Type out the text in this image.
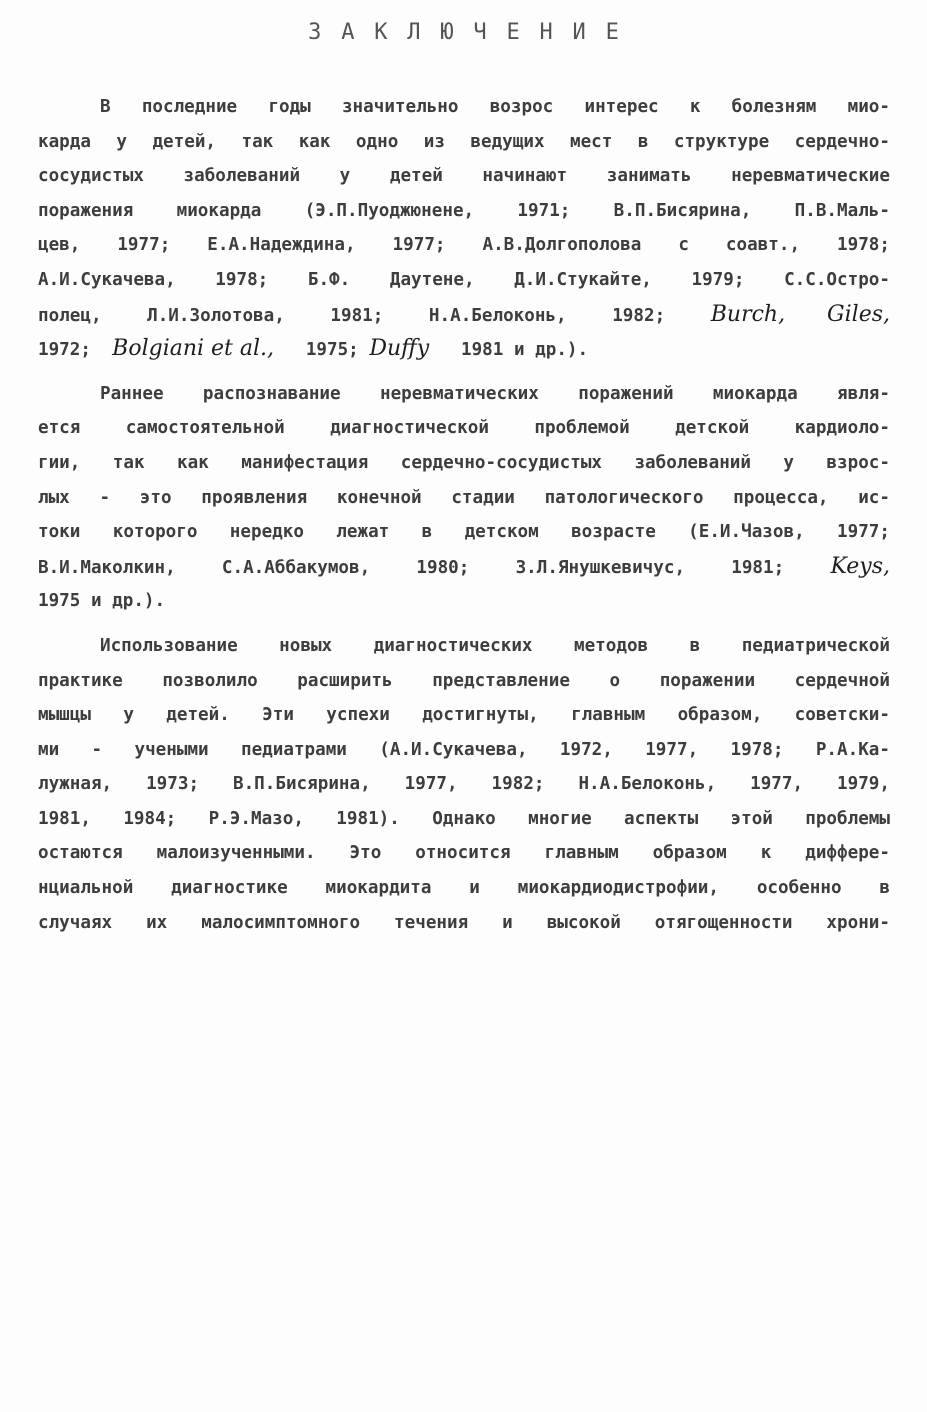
ЗАКЛЮЧЕНИЕ
В последние годы значительно возрос интерес к болезням мио-
карда у детей, так как одно из ведущих мест в структуре сердечно-
сосудистых заболеваний у детей начинают занимать неревматические
поражения миокарда (Э.П.Пуоджюнене, 1971; В.П.Бисярина, П.В.Маль-
цев, 1977; Е.А.Надеждина, 1977; А.В.Долгополова с соавт., 1978;
А.И.Сукачева, 1978; Б.Ф. Даутене, Д.И.Стукайте, 1979; С.С.Остро-
полец, Л.И.Золотова, 1981; Н.А.Белоконь, 1982; Burch, Giles,
1972; Bolgiani et al., 1975; Duffy 1981 и др.).
Раннее распознавание неревматических поражений миокарда явля-
ется самостоятельной диагностической проблемой детской кардиоло-
гии, так как манифестация сердечно-сосудистых заболеваний у взрос-
лых - это проявления конечной стадии патологического процесса, ис-
токи которого нередко лежат в детском возрасте (Е.И.Чазов, 1977;
В.И.Маколкин, С.А.Аббакумов, 1980; З.Л.Янушкевичус, 1981; Keys,
1975 и др.).
Использование новых диагностических методов в педиатрической
практике позволило расширить представление о поражении сердечной
мышцы у детей. Эти успехи достигнуты, главным образом, советски-
ми - учеными педиатрами (А.И.Сукачева, 1972, 1977, 1978; Р.А.Ка-
лужная, 1973; В.П.Бисярина, 1977, 1982; Н.А.Белоконь, 1977, 1979,
1981, 1984; Р.Э.Мазо, 1981). Однако многие аспекты этой проблемы
остаются малоизученными. Это относится главным образом к диффере-
нциальной диагностике миокардита и миокардиодистрофии, особенно в
случаях их малосимптомного течения и высокой отягощенности хрони-
